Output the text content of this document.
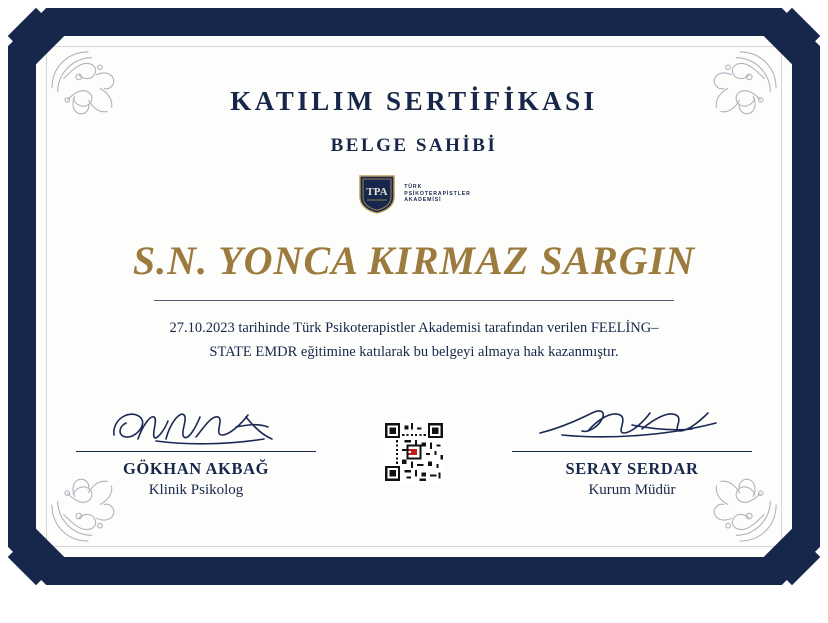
KATILIM SERTİFİKASI
BELGE SAHİBİ
TPA	TÜRK
PSİKOTERAPİSTLER
AKADEMİSİ
S.N. YONCA KIRMAZ SARGIN
27.10.2023 tarihinde Türk Psikoterapistler Akademisi tarafından verilen FEELİNG–STATE EMDR eğitimine katılarak bu belgeyi almaya hak kazanmıştır.
GÖKHAN AKBAĞ
Klinik Psikolog
SERAY SERDAR
Kurum Müdür
